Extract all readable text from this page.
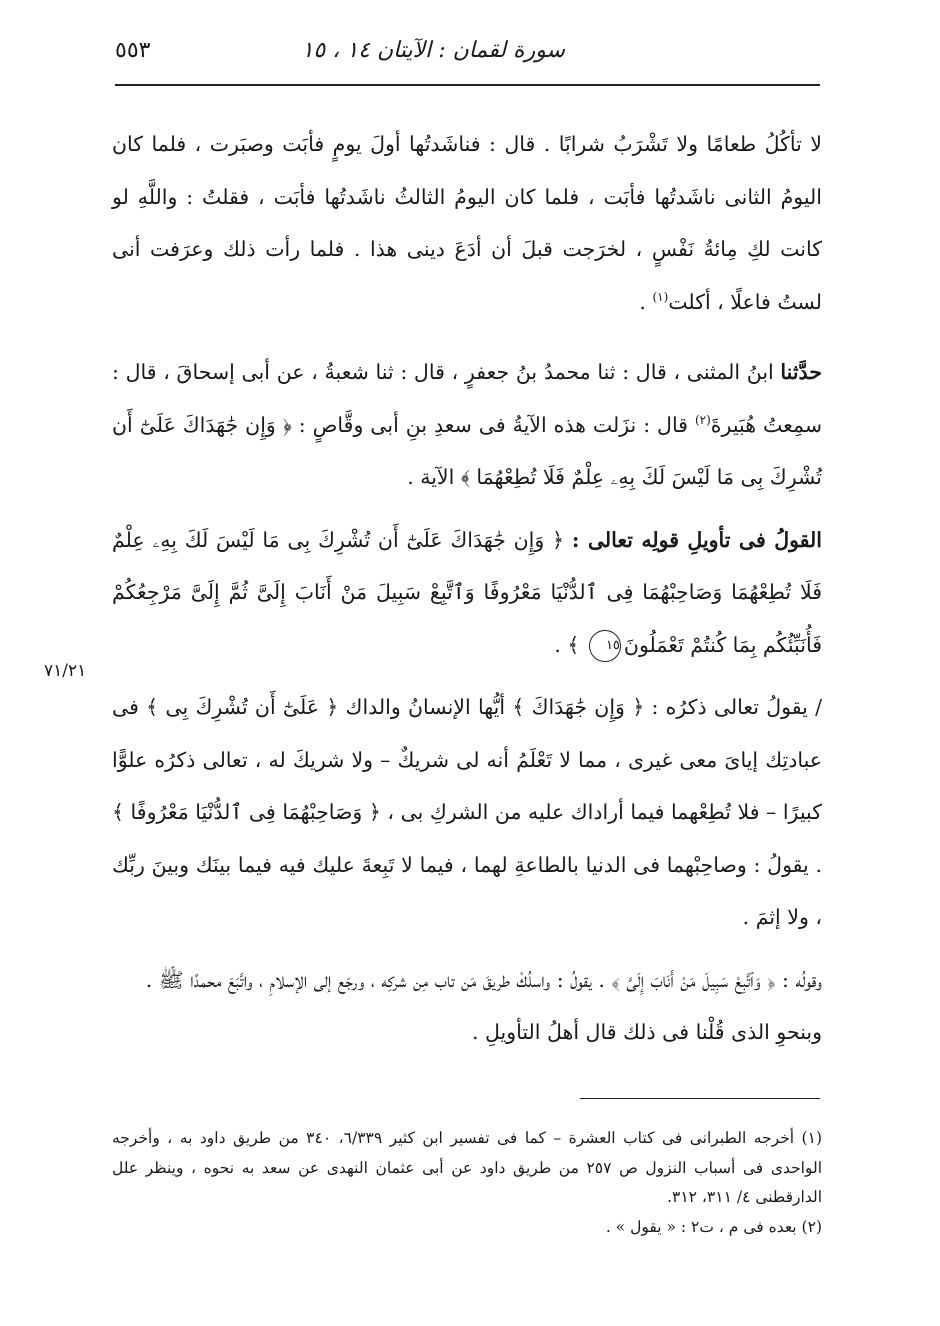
سورة لقمان : الآيتان ١٤ ، ١٥
٥٥٣
٧١/٢١

لا تأكُلُ طعامًا ولا تَشْرَبُ شرابًا . قال : فناشَدتُها أولَ يومٍ فأبَت وصبَرت ، فلما كان اليومُ الثانى ناشَدتُها فأبَت ، فلما كان اليومُ الثالثُ ناشَدتُها فأبَت ، فقلتُ : واللَّهِ لو كانت لكِ مِائةُ نَفْسٍ ، لخرَجت قبلَ أن أدَعَ دينى هذا . فلما رأت ذلك وعرَفت أنى لستُ فاعلًا ، أكلت$^{(١)}$ .

حدَّثنا ابنُ المثنى ، قال : ثنا محمدُ بنُ جعفرٍ ، قال : ثنا شعبةُ ، عن أبى إسحاقَ ، قال : سمِعتُ هُبَيرةَ$^{(٢)}$ قال : نزَلت هذه الآيةُ فى سعدِ بنِ أبى وقَّاصٍ : ﴿ وَإِن جَٰهَدَاكَ عَلَىٰٓ أَن تُشْرِكَ بِى مَا لَيْسَ لَكَ بِهِۦ عِلْمٌ فَلَا تُطِعْهُمَا ﴾ الآية .

القولُ فى تأويلِ قولِه تعالى : ﴿ وَإِن جَٰهَدَاكَ عَلَىٰٓ أَن تُشْرِكَ بِى مَا لَيْسَ لَكَ بِهِۦ عِلْمٌ فَلَا تُطِعْهُمَا وَصَاحِبْهُمَا فِى ٱلدُّنْيَا مَعْرُوفًا وَٱتَّبِعْ سَبِيلَ مَنْ أَنَابَ إِلَىَّ ثُمَّ إِلَىَّ مَرْجِعُكُمْ فَأُنَبِّئُكُم بِمَا كُنتُمْ تَعْمَلُونَ١٥ ﴾ .

/ يقولُ تعالى ذكرُه : ﴿ وَإِن جَٰهَدَاكَ ﴾ أيُّها الإنسانُ والداك ﴿ عَلَىٰٓ أَن تُشْرِكَ بِى ﴾ فى عبادتِك إياىَ معى غيرى ، مما لا تَعْلَمُ أنه لى شريكٌ – ولا شريكَ له ، تعالى ذكرُه علوًّا كبيرًا – فلا تُطِعْهما فيما أراداك عليه من الشركِ بى ، ﴿ وَصَاحِبْهُمَا فِى ٱلدُّنْيَا مَعْرُوفًا ﴾ . يقولُ : وصاحِبْهما فى الدنيا بالطاعةِ لهما ، فيما لا تَبِعةَ عليك فيه فيما بينَك وبينَ ربِّك ، ولا إثمَ .

وقولُه : ﴿ وَٱتَّبِعْ سَبِيلَ مَنْ أَنَابَ إِلَىَّ ﴾ . يقولُ : واسلُكْ طريقَ مَن تاب مِن شركِه ، ورجَع إلى الإسلامِ ، واتَّبَعَ محمدًا ﷺ .

وبنحوِ الذى قُلْنا فى ذلك قال أهلُ التأويلِ .

(١) أخرجه الطبرانى فى كتاب العشرة – كما فى تفسير ابن كثير ٦/٣٣٩، ٣٤٠ من طريق داود به ، وأخرجه الواحدى فى أسباب النزول ص ٢٥٧ من طريق داود عن أبى عثمان النهدى عن سعد به نحوه ، وينظر علل الدارقطنى ٤/ ٣١١، ٣١٢.

(٢) بعده فى م ، ت٢ : « يقول » .
